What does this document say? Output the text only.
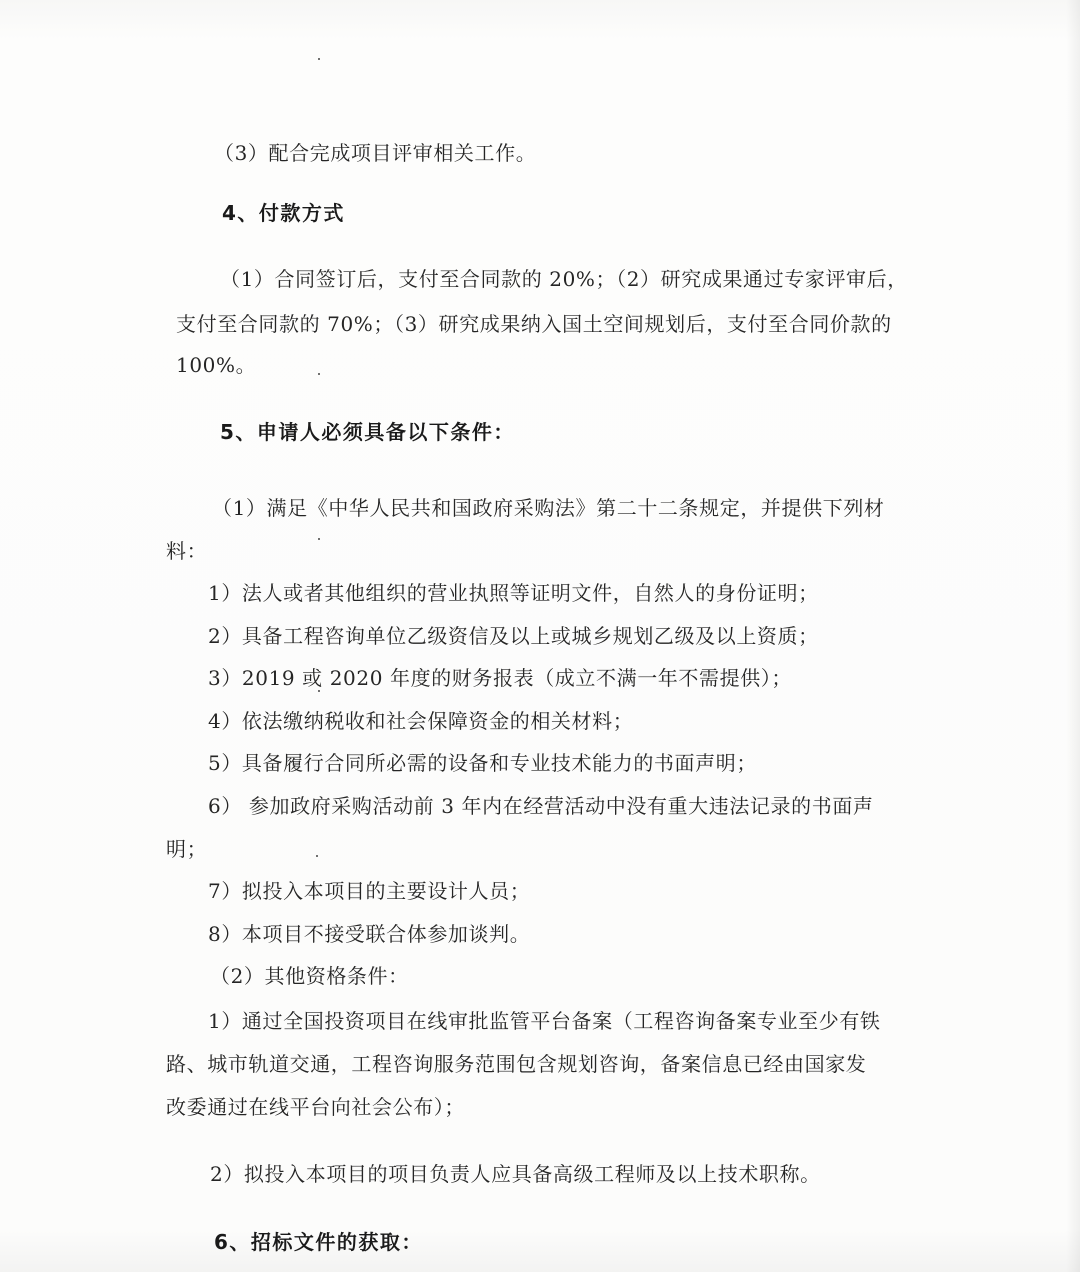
（3）配合完成项目评审相关工作。
4、付款方式
（1）合同签订后，支付至合同款的 20%；（2）研究成果通过专家评审后，
支付至合同款的 70%；（3）研究成果纳入国土空间规划后，支付至合同价款的
100%。
5、申请人必须具备以下条件：
（1）满足《中华人民共和国政府采购法》第二十二条规定，并提供下列材
料：
1）法人或者其他组织的营业执照等证明文件，自然人的身份证明；
2）具备工程咨询单位乙级资信及以上或城乡规划乙级及以上资质；
3）2019 或 2020 年度的财务报表（成立不满一年不需提供）；
4）依法缴纳税收和社会保障资金的相关材料；
5）具备履行合同所必需的设备和专业技术能力的书面声明；
6） 参加政府采购活动前 3 年内在经营活动中没有重大违法记录的书面声
明；
7）拟投入本项目的主要设计人员；
8）本项目不接受联合体参加谈判。
（2）其他资格条件：
1）通过全国投资项目在线审批监管平台备案（工程咨询备案专业至少有铁
路、城市轨道交通，工程咨询服务范围包含规划咨询，备案信息已经由国家发
改委通过在线平台向社会公布）；
2）拟投入本项目的项目负责人应具备高级工程师及以上技术职称。
6、招标文件的获取：
